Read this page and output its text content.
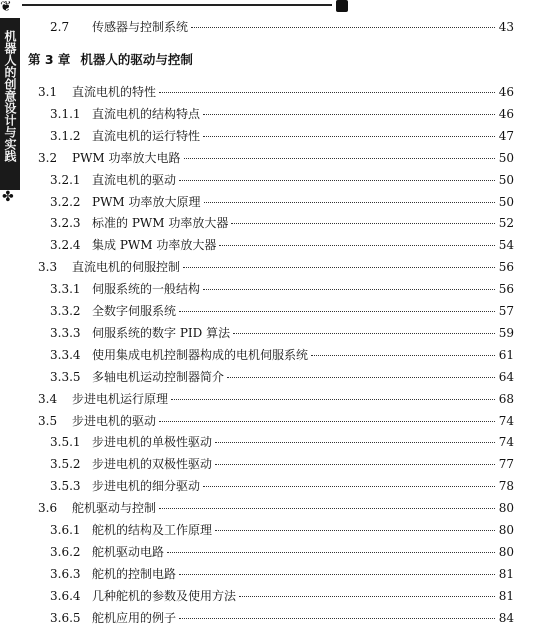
❦
机器人的创意设计与实践
✤
2.7	传感器与控制系统	43
第 3 章 机器人的驱动与控制
3.1	直流电机的特性	46
3.1.1 直流电机的结构特点	46
3.1.2 直流电机的运行特性	47
3.2	PWM 功率放大电路	50
3.2.1 直流电机的驱动	50
3.2.2 PWM 功率放大原理	50
3.2.3 标准的 PWM 功率放大器	52
3.2.4 集成 PWM 功率放大器	54
3.3	直流电机的伺服控制	56
3.3.1 伺服系统的一般结构	56
3.3.2 全数字伺服系统	57
3.3.3 伺服系统的数字 PID 算法	59
3.3.4 使用集成电机控制器构成的电机伺服系统	61
3.3.5 多轴电机运动控制器简介	64
3.4	步进电机运行原理	68
3.5	步进电机的驱动	74
3.5.1 步进电机的单极性驱动	74
3.5.2 步进电机的双极性驱动	77
3.5.3 步进电机的细分驱动	78
3.6	舵机驱动与控制	80
3.6.1 舵机的结构及工作原理	80
3.6.2 舵机驱动电路	80
3.6.3 舵机的控制电路	81
3.6.4 几种舵机的参数及使用方法	81
3.6.5 舵机应用的例子	84
